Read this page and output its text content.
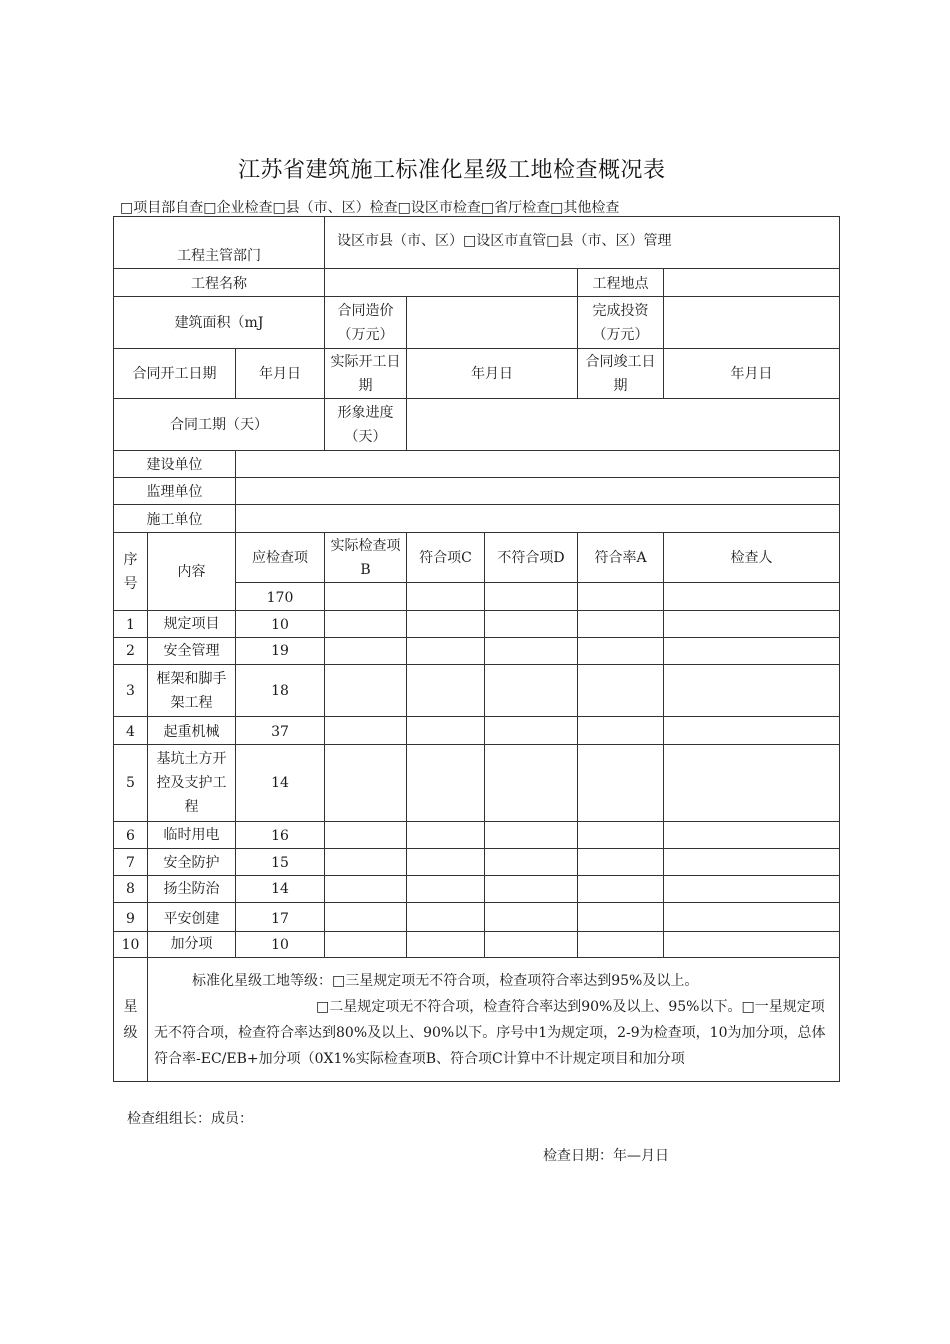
江苏省建筑施工标准化星级工地检查概况表
□项目部自查□企业检查□县（市、区）检查□设区市检查□省厅检查□其他检查
工程主管部门			设区市县（市、区）□设区市直管□县（市、区）管理				
工程名称						工程地点	
建筑面积（mJ			合同造价（万元）			完成投资（万元）	
合同开工日期		年月日	实际开工日期	年月日		合同竣工日期	年月日
合同工期（天）			形象进度（天）				
建设单位							
监理单位							
施工单位							
序号	内容	应检查项	实际检查项B	符合项C	不符合项D	符合率A	检查人
		170					
1	规定项目	10					
2	安全管理	19					
3	框架和脚手架工程	18					
4	起重机械	37					
5	基坑土方开控及支护工程	14					
6	临时用电	16					
7	安全防护	15					
8	扬尘防治	14					
9	平安创建	17					
10	加分项	10					
星级	标准化星级工地等级：□三星规定项无不符合项，检查项符合率达到95%及以上。
□二星规定项无不符合项，检查符合率达到90%及以上、95%以下。□一星规定项无不符合项，检查符合率达到80%及以上、90%以下。序号中1为规定项，2-9为检查项，10为加分项，总体符合率-EC/EB+加分项（0X1%实际检查项B、符合项C计算中不计规定项目和加分项						
检查组组长：成员：
检查日期：年—月日
